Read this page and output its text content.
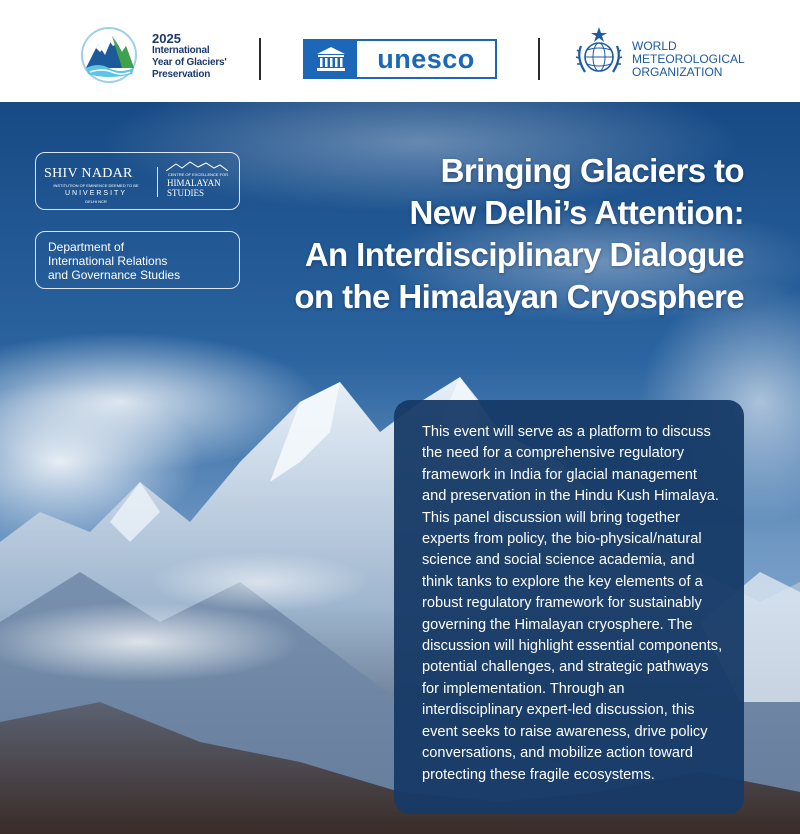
2025
International
Year of Glaciers'
Preservation
unesco	WORLD
METEOROLOGICAL
ORGANIZATION
SHIV NADAR
INSTITUTION OF EMINENCE DEEMED TO BE
UNIVERSITY
DELHI NCR
CENTRE OF EXCELLENCE FOR
HIMALAYAN
STUDIES
Department of
International Relations
and Governance Studies
Bringing Glaciers to
New Delhi’s Attention:
An Interdisciplinary Dialogue
on the Himalayan Cryosphere
This event will serve as a platform to discuss the need for a comprehensive regulatory framework in India for glacial management and preservation in the Hindu Kush Himalaya. This panel discussion will bring together experts from policy, the bio-physical/natural science and social science academia, and think tanks to explore the key elements of a robust regulatory framework for sustainably governing the Himalayan cryosphere. The discussion will highlight essential components, potential challenges, and strategic pathways for implementation. Through an interdisciplinary expert-led discussion, this event seeks to raise awareness, drive policy conversations, and mobilize action toward protecting these fragile ecosystems.
